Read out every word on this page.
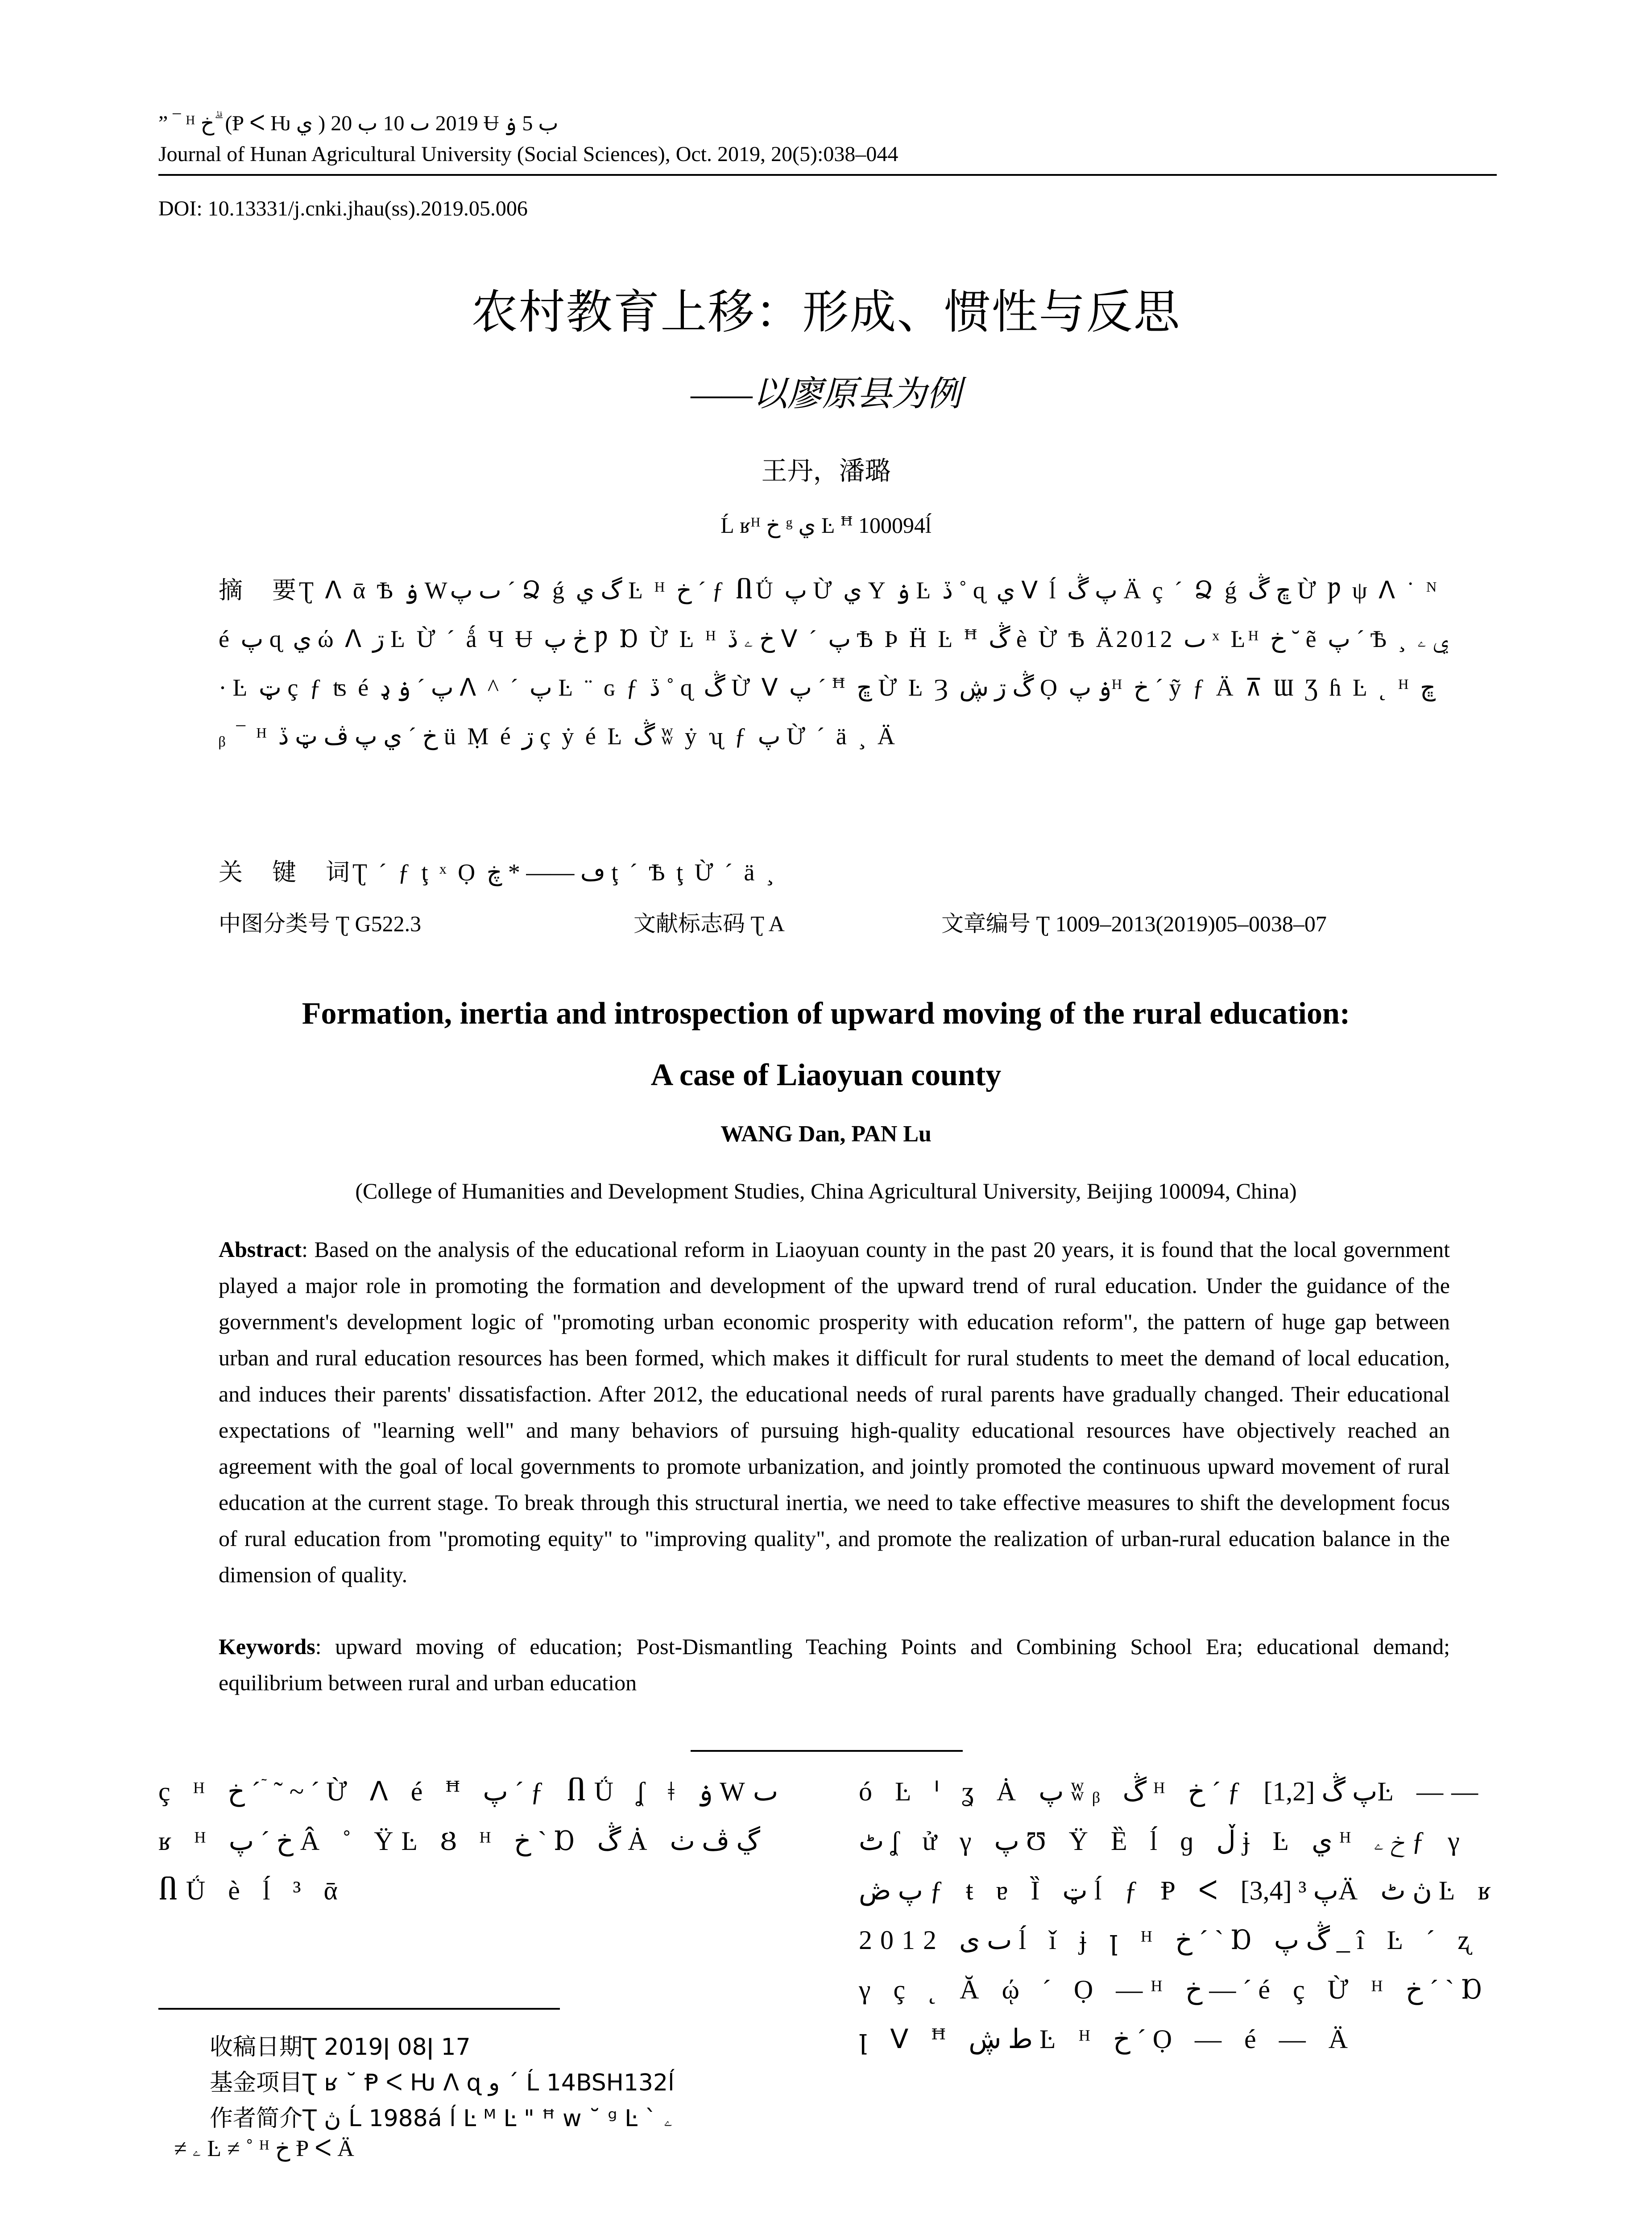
” ‾ ᴴ خ ۗ (Ᵽ ᐸ Ƕ ي ) 2019 ٮ 10 ب 20 Ʉ ب 5 ۏ
Journal of Hunan Agricultural University (Social Sciences), Oct. 2019, 20(5):038–044
DOI: 10.13331/j.cnki.jhau(ss).2019.05.006
农村教育上移：形成、惯性与反思
——以廖原县为例
王丹，潘璐
Ĺ ʁᴴ خ ᵍ ي Ŀ ꟸ 100094ĺ
摘　要Ʈ ᐱ ᾱ Ѣ ۏ Wٮ پ ´ Ձ ǵ گ ي Ŀ ᴴ خ ´ ƒ ႶǗ پ Ừ ي Y ۏ Ŀ ڏ ˚ ɋ ي ᐯ ĺ پ ڴ Ä ç ´ Ձ ǵ ڇ ڴ Ừ Ƿ ψ ᐱ ˙ ᴺ é پ ɋ ي ώ ᐱ ڗ Ŀ Ừ ´ ǻ Ч Ʉ ڂ پ Ƿ Ɒ Ừ Ŀ ᴴ خ ۦ ڏ ᐯ ´ پ Ѣ Þ Ḧ Ŀ ꟸ ڴ è Ừ Ѣ Ä2012 ٮ ˣ Ŀᴴ خ ˘ ẽ پ ´ Ѣ ¸ ي ۦ · Ŀ ټ ç ƒ ʦ é پ ´ ۏ ډ ᐱ ^ ´ پ Ŀ ¨ ɢ ƒ ڏ ˚ ɋ ڴ Ừ ᐯ پ ´ ꟸ ڇ Ừ Ŀ Ȝ ڴ ڗ ڜ Ọ ۏ پᴴ خ ´ ỹ ƒ Ä ⊼ Ɯ Ʒ ɦ Ŀ ˛ ᴴ ڇ ᵦ ‾ ᴴ خ ´ ي پ ڤ ټ ڏ ü Ṃ é ڗ ç ẏ é Ŀ ڴ ʬ ẏ ʯ ƒ پ Ừ ´ ä ¸ Ä
关　键　词Ʈ ´ ƒ ţ ˣ Ọ ڡ —— * ڿ ţ ´ Ѣ ţ Ừ ´ ä ¸
中图分类号 Ʈ G522.3	文献标志码 Ʈ A	文章编号 Ʈ 1009–2013(2019)05–0038–07
Formation, inertia and introspection of upward moving of the rural education:
A case of Liaoyuan county
WANG Dan, PAN Lu
(College of Humanities and Development Studies, China Agricultural University, Beijing 100094, China)
Abstract: Based on the analysis of the educational reform in Liaoyuan county in the past 20 years, it is found that the local government played a major role in promoting the formation and development of the upward trend of rural education. Under the guidance of the government's development logic of "promoting urban economic prosperity with education reform", the pattern of huge gap between urban and rural education resources has been formed, which makes it difficult for rural students to meet the demand of local education, and induces their parents' dissatisfaction. After 2012, the educational needs of rural parents have gradually changed. Their educational expectations of "learning well" and many behaviors of pursuing high-quality educational resources have objectively reached an agreement with the goal of local governments to promote urbanization, and jointly promoted the continuous upward movement of rural education at the current stage. To break through this structural inertia, we need to take effective measures to shift the development focus of rural education from "promoting equity" to "improving quality", and promote the realization of urban-rural education balance in the dimension of quality.
Keywords: upward moving of education; Post-Dismantling Teaching Points and Combining School Era; educational demand; equilibrium between rural and urban education
ç ᴴ خ ´ ٙ ˜ ~ ´ Ừ ᐱ é ꟸ پ ´ ƒ ႶǗ ʆ ǂ ۏ Wٮ ʁ ᴴ خ ´ پ Â ˚ ŸĿ Ȣ ᴴ خ ` Ɒ ڴ Ȧ ڲ ڤ ٺ ႶǗ è ĺ ³ ᾱ
ó Ŀ ᑊ ʓ Ȧ پ ʬᵦ ڴ ᴴ خ ´ ƒ پ ڴ [1,2]Ŀ —— ٹ ʆ ử γ پ Ʊ Ÿ Ȅ ĺ ɡ ڵ ɉ Ŀ ي ᴴ خ ۦ ƒ γ پ ڞ ƒ ŧ ɐ Ȉ ټ ĺ ƒ Ᵽ ᐸ پ ³ [3,4]Ä ڽ ٹ Ŀ ʁ 2012 ٮ ى ĺ ǐ ɉ ꞁ ᴴ خ ´ ` Ɒ ڴ پ _ î Ŀ ´ ʐ γ ç ˛ Ă ῴ ˊ Ọ —ᴴ خ — ´ é ç Ừ ᴴ خ ´ ` Ɒ ꞁ ᐯ ꟸ ط ڜ Ŀ ᴴ خ ´ Ọ — é — Ä
收稿日期Ʈ 2019ǀ 08ǀ 17
基金项目Ʈ ʁ ˘ Ᵽ ᐸ Ƕ ᐱ ɋ ﻭ ´ Ĺ 14BSH132ĺ
作者简介Ʈ ڽ Ĺ 1988á ĺ Ŀ ᴹ Ŀ " ꟸ w ˘ ᵍ Ŀ ` ۦ
≠ ۦ Ŀ ≠ ˚ ᴴ خ Ᵽ ᐸ Ä
